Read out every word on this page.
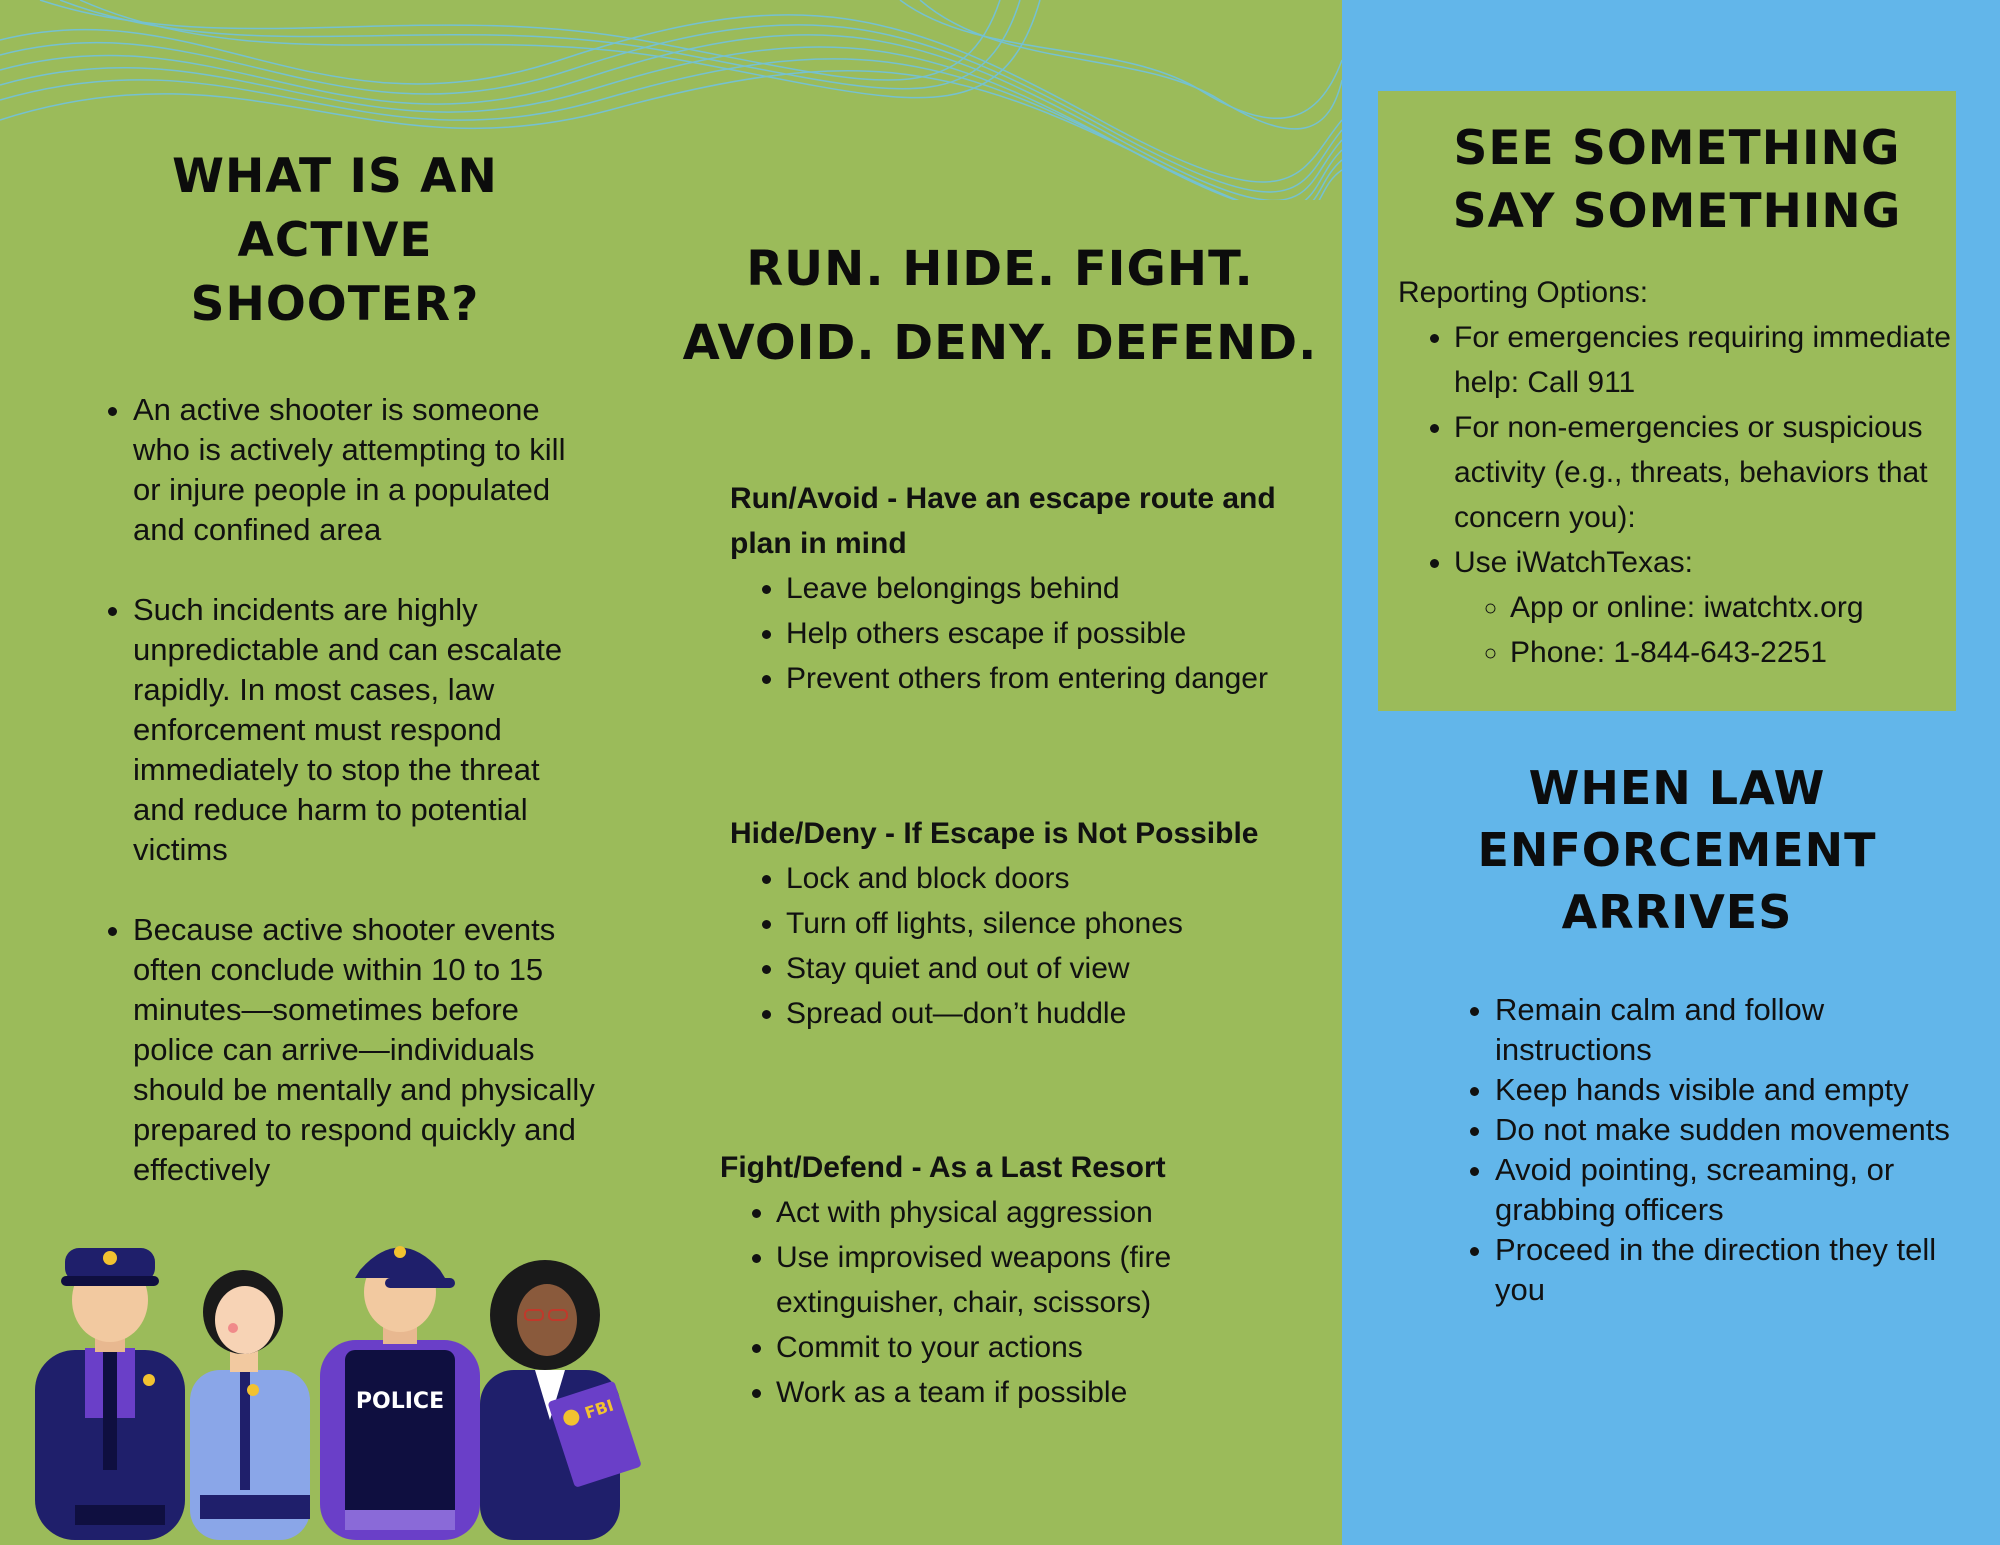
WHAT IS AN ACTIVE SHOOTER?
• An active shooter is someone who is actively attempting to kill or injure people in a populated and confined area
• Such incidents are highly unpredictable and can escalate rapidly. In most cases, law enforcement must respond immediately to stop the threat and reduce harm to potential victims
• Because active shooter events often conclude within 10 to 15 minutes—sometimes before police can arrive—individuals should be mentally and physically prepared to respond quickly and effectively
RUN. HIDE. FIGHT.
AVOID. DENY. DEFEND.

Run/Avoid - Have an escape route and plan in mind

• Leave belongings behind
• Help others escape if possible
• Prevent others from entering danger

Hide/Deny - If Escape is Not Possible

• Lock and block doors
• Turn off lights, silence phones
• Stay quiet and out of view
• Spread out—don’t huddle

Fight/Defend - As a Last Resort

• Act with physical aggression
• Use improvised weapons (fire extinguisher, chair, scissors)
• Commit to your actions
• Work as a team if possible
SEE SOMETHING
SAY SOMETHING

Reporting Options:

• For emergencies requiring immediate help: Call 911
• For non-emergencies or suspicious activity (e.g., threats, behaviors that concern you):
• Use iWatchTexas:
◦ App or online: iwatchtx.org
◦ Phone: 1-844-643-2251
WHEN LAW ENFORCEMENT ARRIVES
• Remain calm and follow instructions
• Keep hands visible and empty
• Do not make sudden movements
• Avoid pointing, screaming, or grabbing officers
• Proceed in the direction they tell you
POLICE	FBI
